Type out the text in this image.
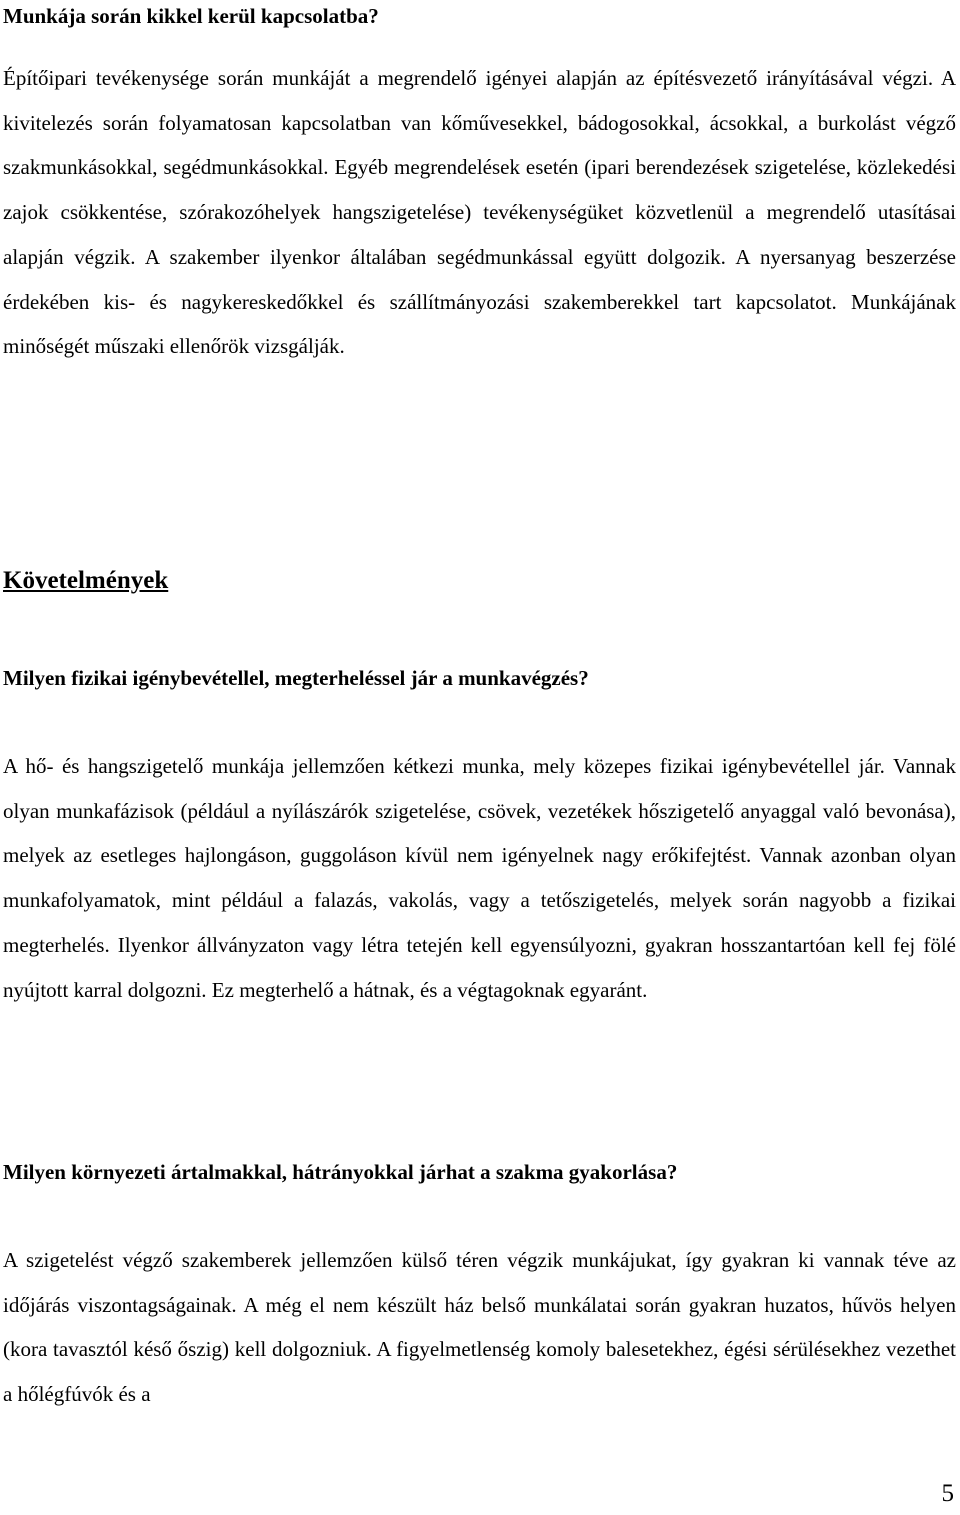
Munkája során kikkel kerül kapcsolatba?

Építőipari tevékenysége során munkáját a megrendelő igényei alapján az építésvezető irányításával végzi. A kivitelezés során folyamatosan kapcsolatban van kőművesekkel, bádogosokkal, ácsokkal, a burkolást végző szakmunkásokkal, segédmunkásokkal. Egyéb megrendelések esetén (ipari berendezések szigetelése, közlekedési zajok csökkentése, szórakozóhelyek hangszigetelése) tevékenységüket közvetlenül a megrendelő utasításai alapján végzik. A szakember ilyenkor általában segédmunkással együtt dolgozik. A nyersanyag beszerzése érdekében kis- és nagykereskedőkkel és szállítmányozási szakemberekkel tart kapcsolatot. Munkájának minőségét műszaki ellenőrök vizsgálják.

Követelmények

Milyen fizikai igénybevétellel, megterheléssel jár a munkavégzés?

A hő- és hangszigetelő munkája jellemzően kétkezi munka, mely közepes fizikai igénybevétellel jár. Vannak olyan munkafázisok (például a nyílászárók szigetelése, csövek, vezetékek hőszigetelő anyaggal való bevonása), melyek az esetleges hajlongáson, guggoláson kívül nem igényelnek nagy erőkifejtést. Vannak azonban olyan munkafolyamatok, mint például a falazás, vakolás, vagy a tetőszigetelés, melyek során nagyobb a fizikai megterhelés. Ilyenkor állványzaton vagy létra tetején kell egyensúlyozni, gyakran hosszantartóan kell fej fölé nyújtott karral dolgozni. Ez megterhelő a hátnak, és a végtagoknak egyaránt.

Milyen környezeti ártalmakkal, hátrányokkal járhat a szakma gyakorlása?

A szigetelést végző szakemberek jellemzően külső téren végzik munkájukat, így gyakran ki vannak téve az időjárás viszontagságainak. A még el nem készült ház belső munkálatai során gyakran huzatos, hűvös helyen (kora tavasztól késő őszig) kell dolgozniuk. A figyelmetlenség komoly balesetekhez, égési sérülésekhez vezethet a hőlégfúvók és a

5
